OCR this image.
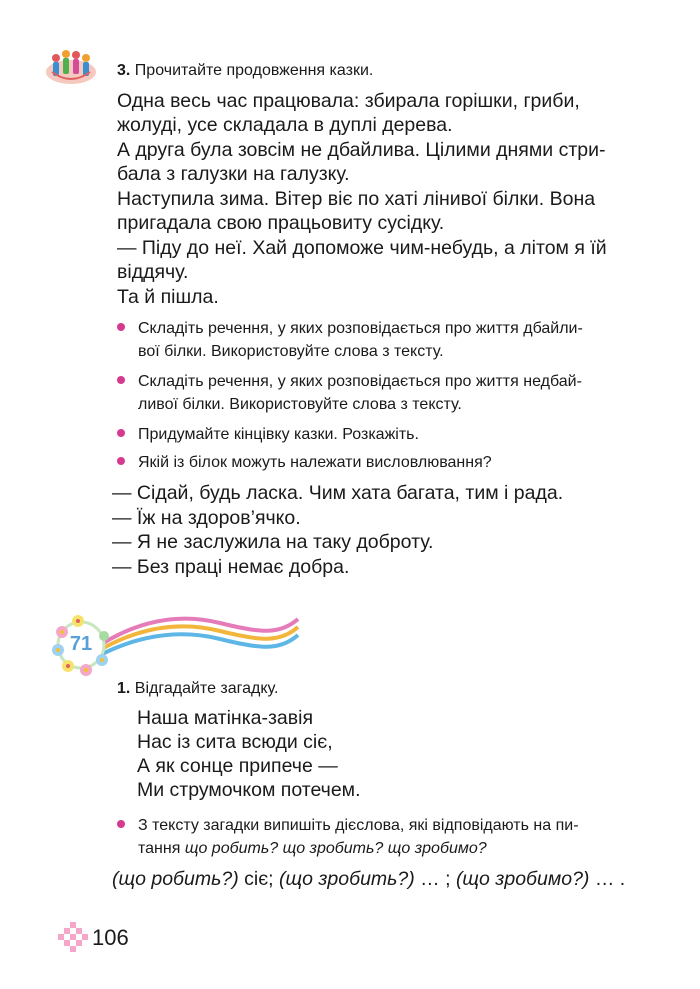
3. Прочитайте продовження казки.
Одна весь час працювала: збирала горішки, гриби,
жолуді, усе складала в дуплі дерева.
А друга була зовсім не дбайлива. Цілими днями стри-
бала з галузки на галузку.
Наступила зима. Вітер віє по хаті лінивої білки. Вона
пригадала свою працьовиту сусідку.
— Піду до неї. Хай допоможе чим-небудь, а літом я їй
віддячу.
Та й пішла.
Складіть речення, у яких розповідається про життя дбайли-
вої білки. Використовуйте слова з тексту.
Складіть речення, у яких розповідається про життя недбай-
ливої білки. Використовуйте слова з тексту.
Придумайте кінцівку казки. Розкажіть.
Якій із білок можуть належати висловлювання?
— Сідай, будь ласка. Чим хата багата, тим і рада.
— Їж на здоров’ячко.
— Я не заслужила на таку доброту.
— Без праці немає добра.
71
1. Відгадайте загадку.
Наша матінка-завія
Нас із сита всюди сіє,
А як сонце припече —
Ми струмочком потечем.
З тексту загадки випишіть дієслова, які відповідають на пи-
тання що робить? що зробить? що зробимо?
(що робить?) сіє; (що зробить?) … ; (що зробимо?) … .
106
